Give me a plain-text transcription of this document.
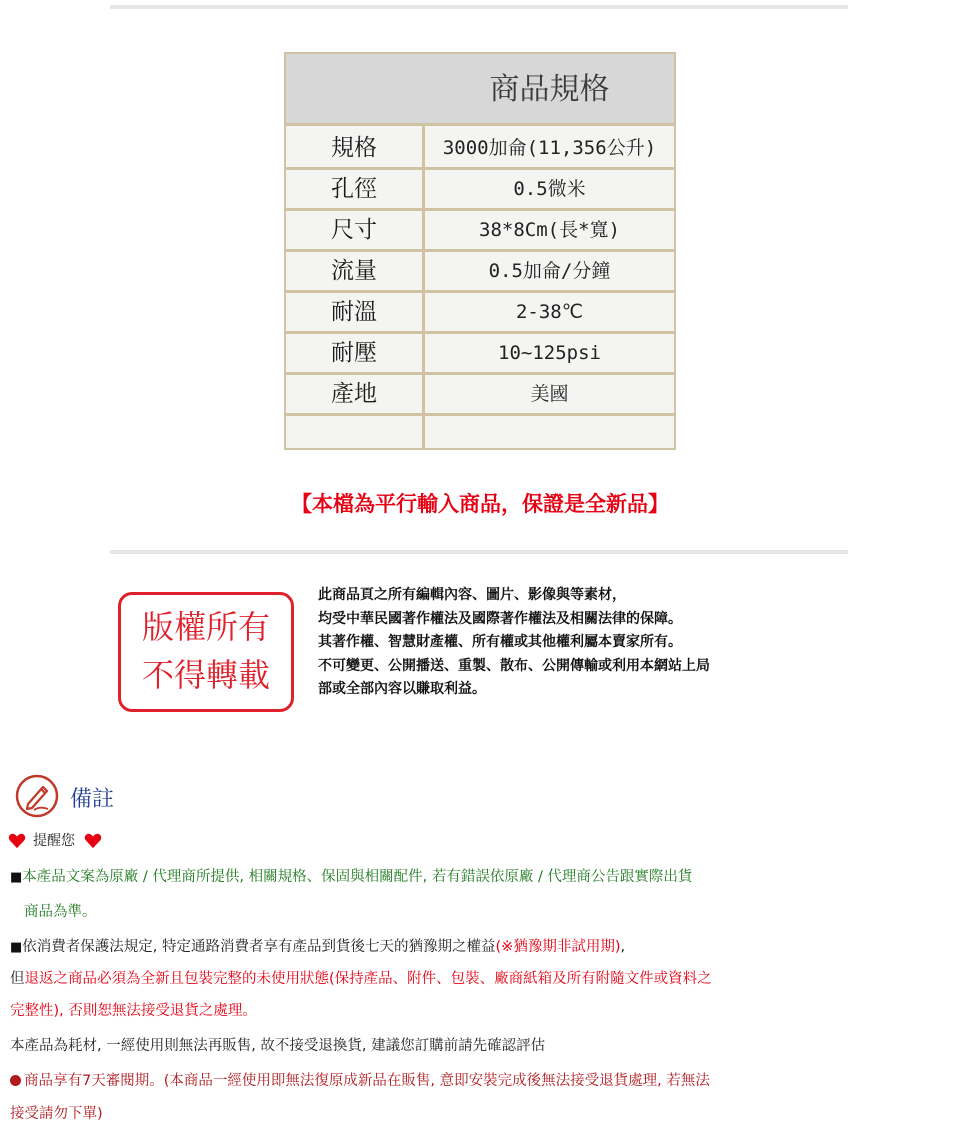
商品規格
規格	3000加侖(11,356公升)
孔徑	0.5微米
尺寸	38*8Cm(長*寬)
流量	0.5加侖/分鐘
耐溫	2-38℃
耐壓	10~125psi
產地	美國
【本檔為平行輸入商品，保證是全新品】
版權所有
不得轉載

此商品頁之所有編輯內容、圖片、影像與等素材，

均受中華民國著作權法及國際著作權法及相關法律的保障。

其著作權、智慧財產權、所有權或其他權利屬本賣家所有。

不可變更、公開播送、重製、散布、公開傳輸或利用本網站上局

部或全部內容以賺取利益。

備註
提醒您
■本產品文案為原廠 / 代理商所提供, 相關規格、保固與相關配件, 若有錯誤依原廠 / 代理商公告跟實際出貨
商品為準。
■依消費者保護法規定, 特定通路消費者享有產品到貨後七天的猶豫期之權益(※猶豫期非試用期),
但退返之商品必須為全新且包裝完整的未使用狀態(保持產品、附件、包裝、廠商紙箱及所有附隨文件或資料之
完整性), 否則恕無法接受退貨之處理。
本產品為耗材, 一經使用則無法再販售, 故不接受退換貨, 建議您訂購前請先確認評估
商品享有7天審閱期。(本商品一經使用即無法復原成新品在販售, 意即安裝完成後無法接受退貨處理, 若無法
接受請勿下單)
